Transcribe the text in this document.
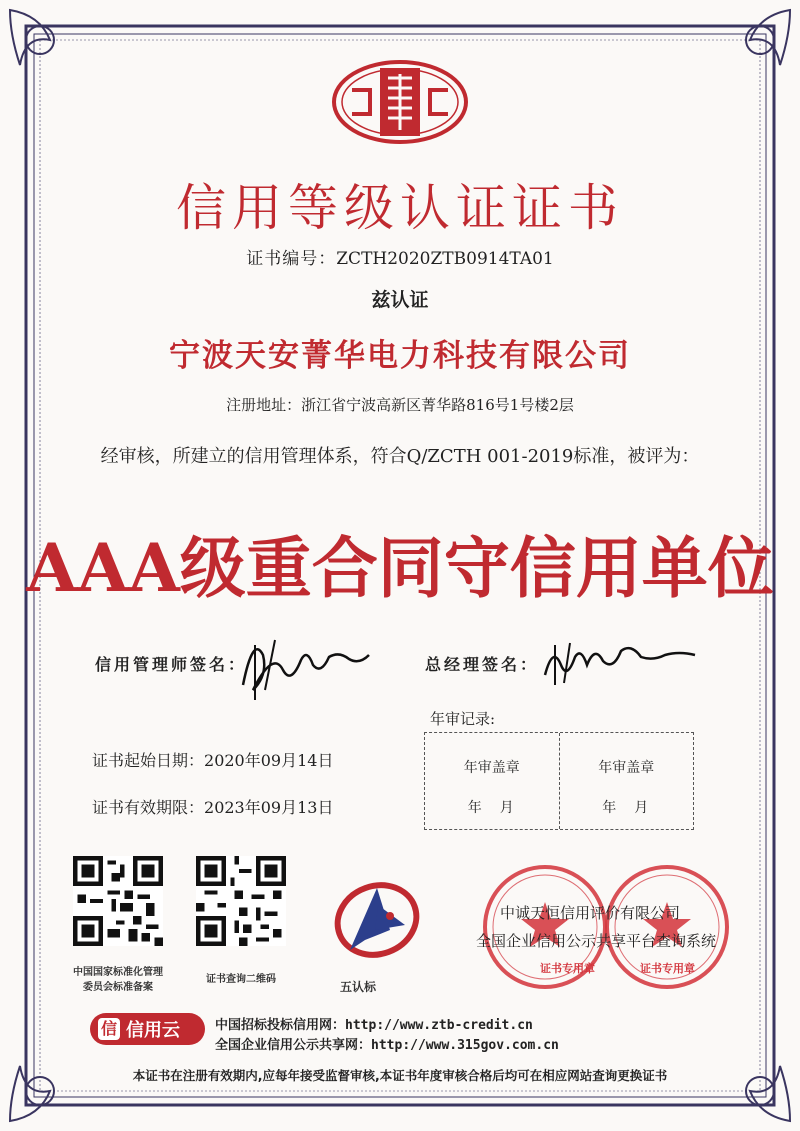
信用等级认证证书
证书编号：ZCTH2020ZTB0914TA01
兹认证
宁波天安菁华电力科技有限公司
注册地址：浙江省宁波高新区菁华路816号1号楼2层
经审核，所建立的信用管理体系，符合Q/ZCTH 001-2019标准，被评为：
AAA级重合同守信用单位
信用管理师签名：	总经理签名：
证书起始日期：2020年09月14日
证书有效期限：2023年09月13日
年审记录:
年审盖章
年　月
年审盖章
年　月
中国国家标准化管理
委员会标准备案
证书查询二维码
五认标
中诚天恒信用评价有限公司
全国企业信用公示共享平台查询系统
证书专用章	证书专用章
信 信用云	中国招标投标信用网：http://www.ztb-credit.cn
全国企业信用公示共享网：http://www.315gov.com.cn
本证书在注册有效期内,应每年接受监督审核,本证书年度审核合格后均可在相应网站查询更换证书
